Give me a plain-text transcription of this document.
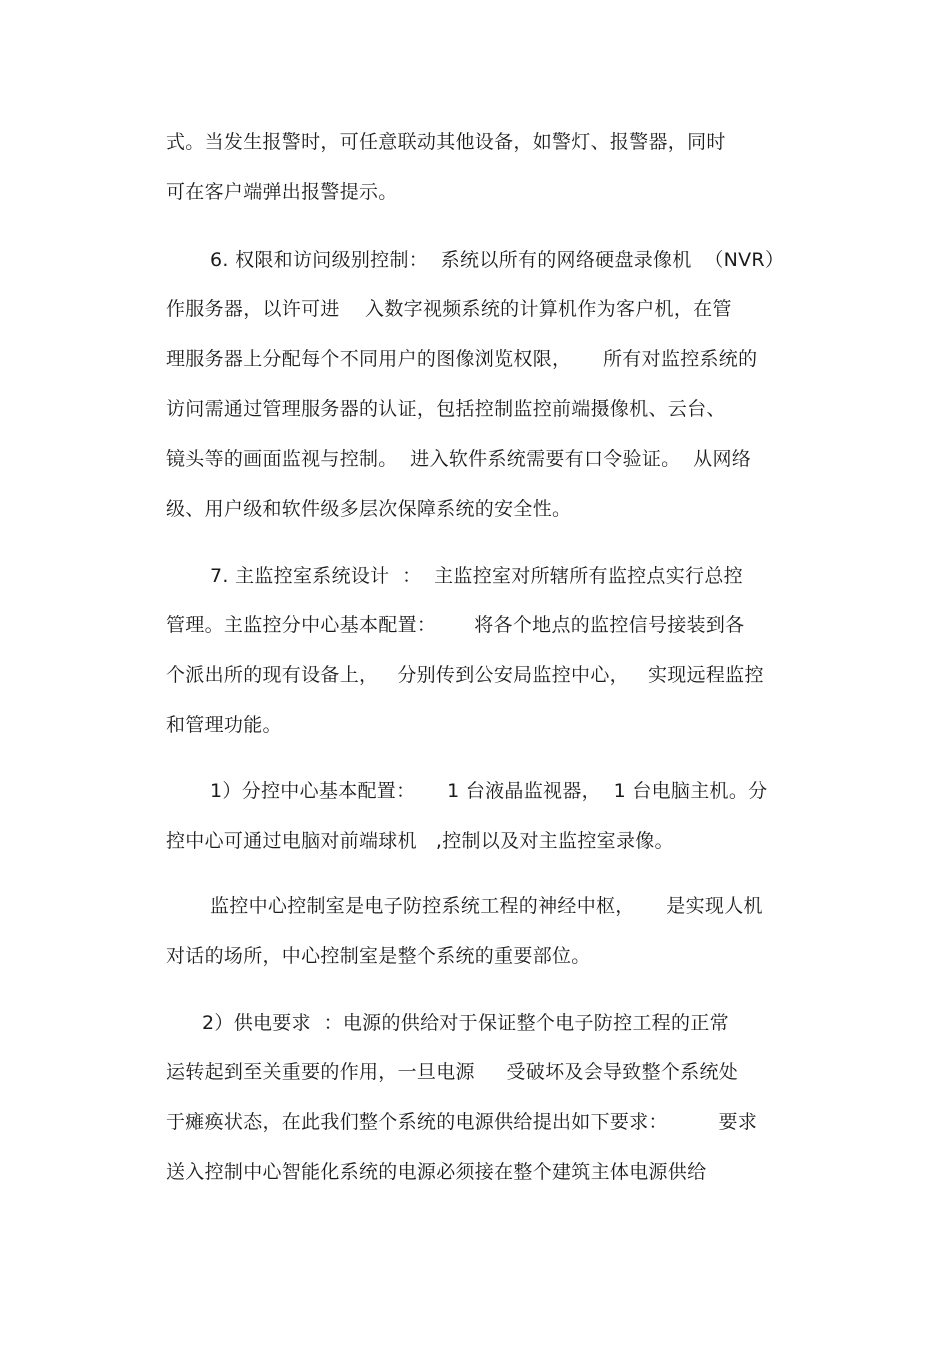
式。当发生报警时，可任意联动其他设备，如警灯、报警器，同时
可在客户端弹出报警提示。
6. 权限和访问级别控制：  系统以所有的网络硬盘录像机  （NVR）
作服务器，以许可进    入数字视频系统的计算机作为客户机，在管
理服务器上分配每个不同用户的图像浏览权限，     所有对监控系统的
访问需通过管理服务器的认证，包括控制监控前端摄像机、云台、
镜头等的画面监视与控制。  进入软件系统需要有口令验证。  从网络
级、用户级和软件级多层次保障系统的安全性。
7. 主监控室系统设计  ：  主监控室对所辖所有监控点实行总控
管理。主监控分中心基本配置：      将各个地点的监控信号接装到各
个派出所的现有设备上，   分别传到公安局监控中心，   实现远程监控
和管理功能。
1）分控中心基本配置：     1 台液晶监视器，  1 台电脑主机。分
控中心可通过电脑对前端球机   ,控制以及对主监控室录像。
监控中心控制室是电子防控系统工程的神经中枢，     是实现人机
对话的场所，中心控制室是整个系统的重要部位。
2）供电要求  ：电源的供给对于保证整个电子防控工程的正常
运转起到至关重要的作用，一旦电源     受破坏及会导致整个系统处
于瘫痪状态，在此我们整个系统的电源供给提出如下要求：        要求
送入控制中心智能化系统的电源必须接在整个建筑主体电源供给
